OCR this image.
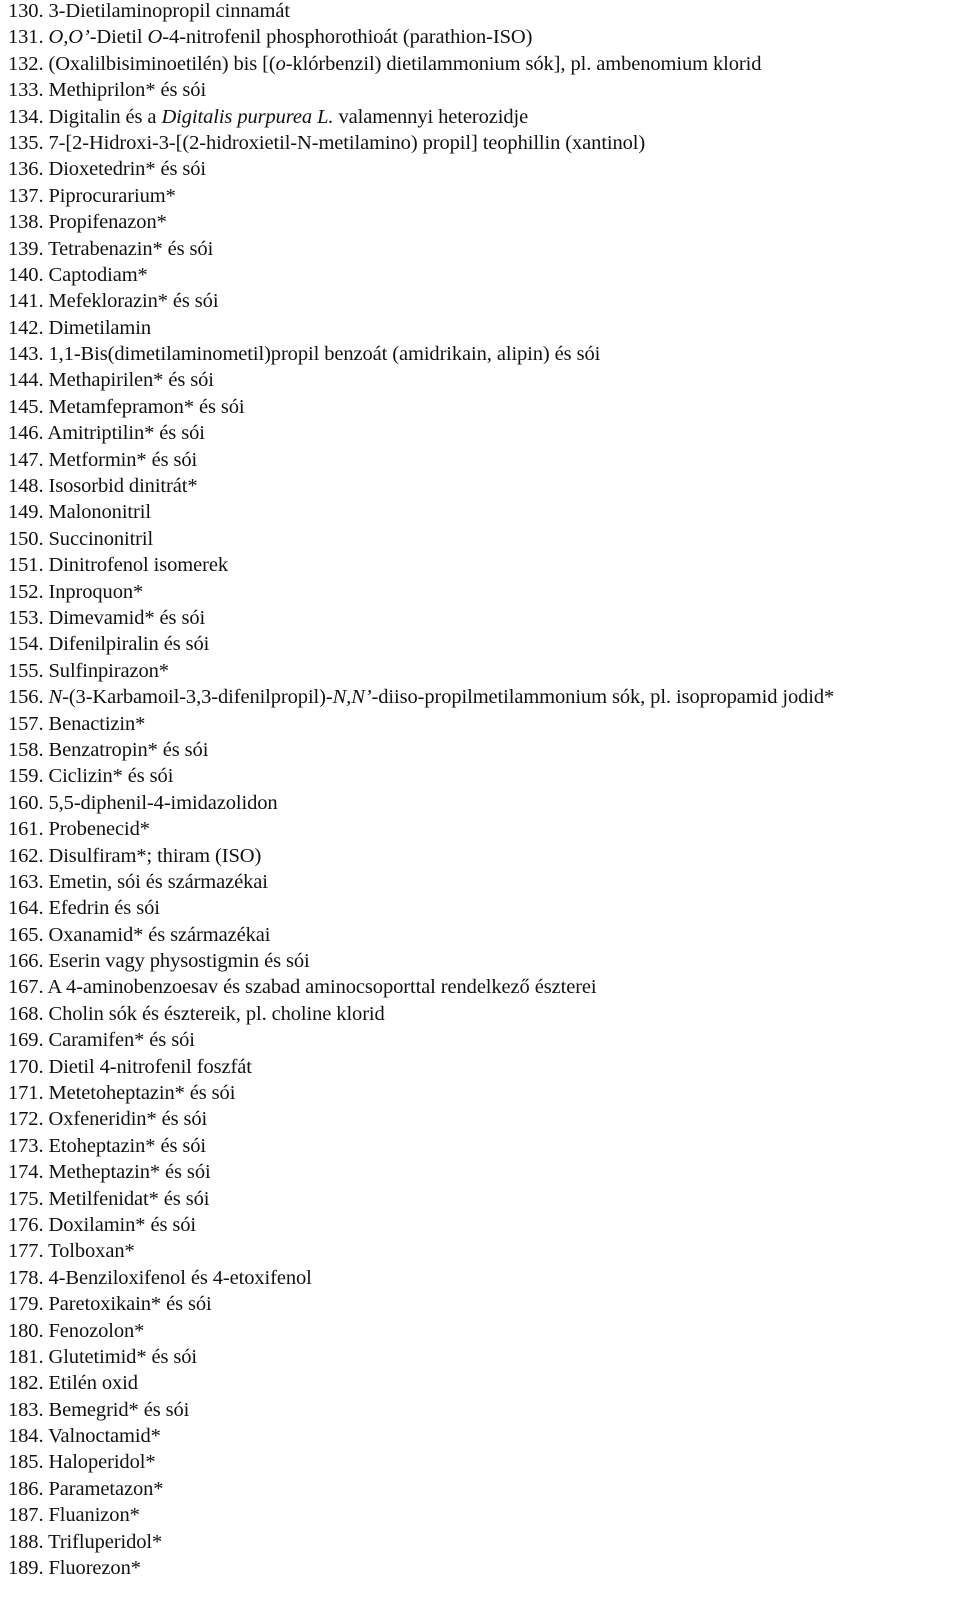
130. 3-Dietilaminopropil cinnamát
131. O,O’-Dietil O-4-nitrofenil phosphorothioát (parathion-ISO)
132. (Oxalilbisiminoetilén) bis [(o-klórbenzil) dietilammonium sók], pl. ambenomium klorid
133. Methiprilon* és sói
134. Digitalin és a Digitalis purpurea L. valamennyi heterozidje
135. 7-[2-Hidroxi-3-[(2-hidroxietil-N-metilamino) propil] teophillin (xantinol)
136. Dioxetedrin* és sói
137. Piprocurarium*
138. Propifenazon*
139. Tetrabenazin* és sói
140. Captodiam*
141. Mefeklorazin* és sói
142. Dimetilamin
143. 1,1-Bis(dimetilaminometil)propil benzoát (amidrikain, alipin) és sói
144. Methapirilen* és sói
145. Metamfepramon* és sói
146. Amitriptilin* és sói
147. Metformin* és sói
148. Isosorbid dinitrát*
149. Malononitril
150. Succinonitril
151. Dinitrofenol isomerek
152. Inproquon*
153. Dimevamid* és sói
154. Difenilpiralin és sói
155. Sulfinpirazon*
156. N-(3-Karbamoil-3,3-difenilpropil)-N,N’-diiso-propilmetilammonium sók, pl. isopropamid jodid*
157. Benactizin*
158. Benzatropin* és sói
159. Ciclizin* és sói
160. 5,5-diphenil-4-imidazolidon
161. Probenecid*
162. Disulfiram*; thiram (ISO)
163. Emetin, sói és származékai
164. Efedrin és sói
165. Oxanamid* és származékai
166. Eserin vagy physostigmin és sói
167. A 4-aminobenzoesav és szabad aminocsoporttal rendelkező észterei
168. Cholin sók és észtereik, pl. choline klorid
169. Caramifen* és sói
170. Dietil 4-nitrofenil foszfát
171. Metetoheptazin* és sói
172. Oxfeneridin* és sói
173. Etoheptazin* és sói
174. Metheptazin* és sói
175. Metilfenidat* és sói
176. Doxilamin* és sói
177. Tolboxan*
178. 4-Benziloxifenol és 4-etoxifenol
179. Paretoxikain* és sói
180. Fenozolon*
181. Glutetimid* és sói
182. Etilén oxid
183. Bemegrid* és sói
184. Valnoctamid*
185. Haloperidol*
186. Parametazon*
187. Fluanizon*
188. Trifluperidol*
189. Fluorezon*
